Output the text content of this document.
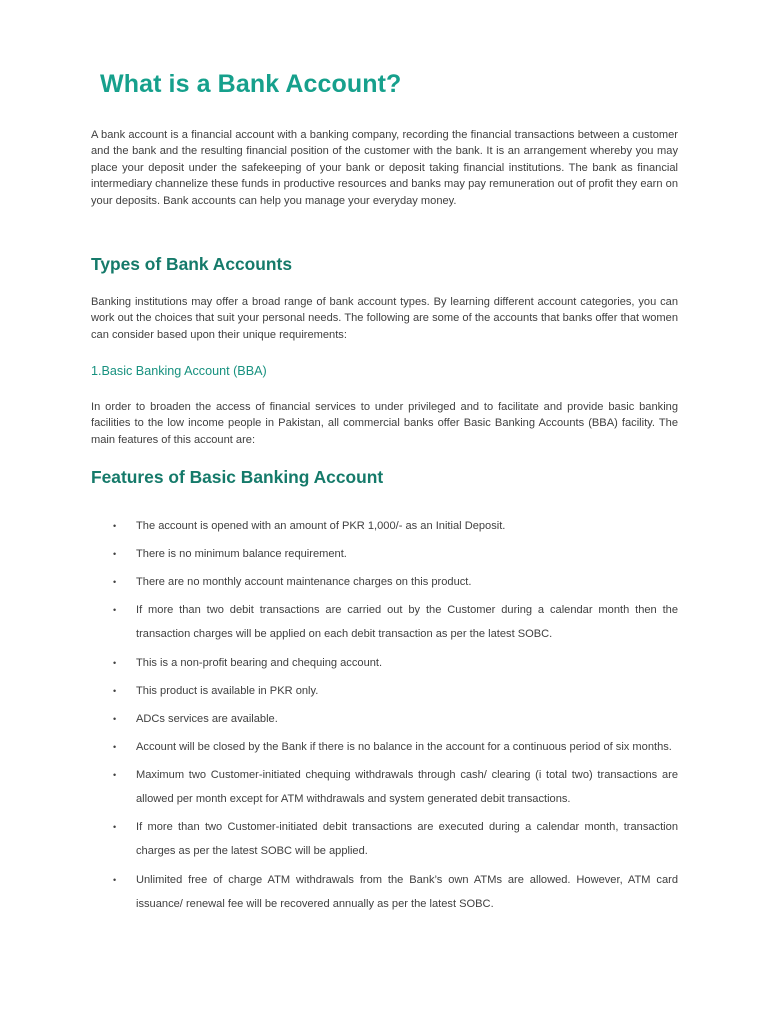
What is a Bank Account?

A bank account is a financial account with a banking company, recording the financial transactions between a customer and the bank and the resulting financial position of the customer with the bank. It is an arrangement whereby you may place your deposit under the safekeeping of your bank or deposit taking financial institutions. The bank as financial intermediary channelize these funds in productive resources and banks may pay remuneration out of profit they earn on your deposits. Bank accounts can help you manage your everyday money.

Types of Bank Accounts

Banking institutions may offer a broad range of bank account types. By learning different account categories, you can work out the choices that suit your personal needs. The following are some of the accounts that banks offer that women can consider based upon their unique requirements:

1.Basic Banking Account (BBA)

In order to broaden the access of financial services to under privileged and to facilitate and provide basic banking facilities to the low income people in Pakistan, all commercial banks offer Basic Banking Accounts (BBA) facility. The main features of this account are:

Features of Basic Banking Account
• The account is opened with an amount of PKR 1,000/- as an Initial Deposit.
• There is no minimum balance requirement.
• There are no monthly account maintenance charges on this product.
• If more than two debit transactions are carried out by the Customer during a calendar month then the transaction charges will be applied on each debit transaction as per the latest SOBC.
• This is a non-profit bearing and chequing account.
• This product is available in PKR only.
• ADCs services are available.
• Account will be closed by the Bank if there is no balance in the account for a continuous period of six months.
• Maximum two Customer-initiated chequing withdrawals through cash/ clearing (i total two) transactions are allowed per month except for ATM withdrawals and system generated debit transactions.
• If more than two Customer-initiated debit transactions are executed during a calendar month, transaction charges as per the latest SOBC will be applied.
• Unlimited free of charge ATM withdrawals from the Bank’s own ATMs are allowed. However, ATM card issuance/ renewal fee will be recovered annually as per the latest SOBC.
